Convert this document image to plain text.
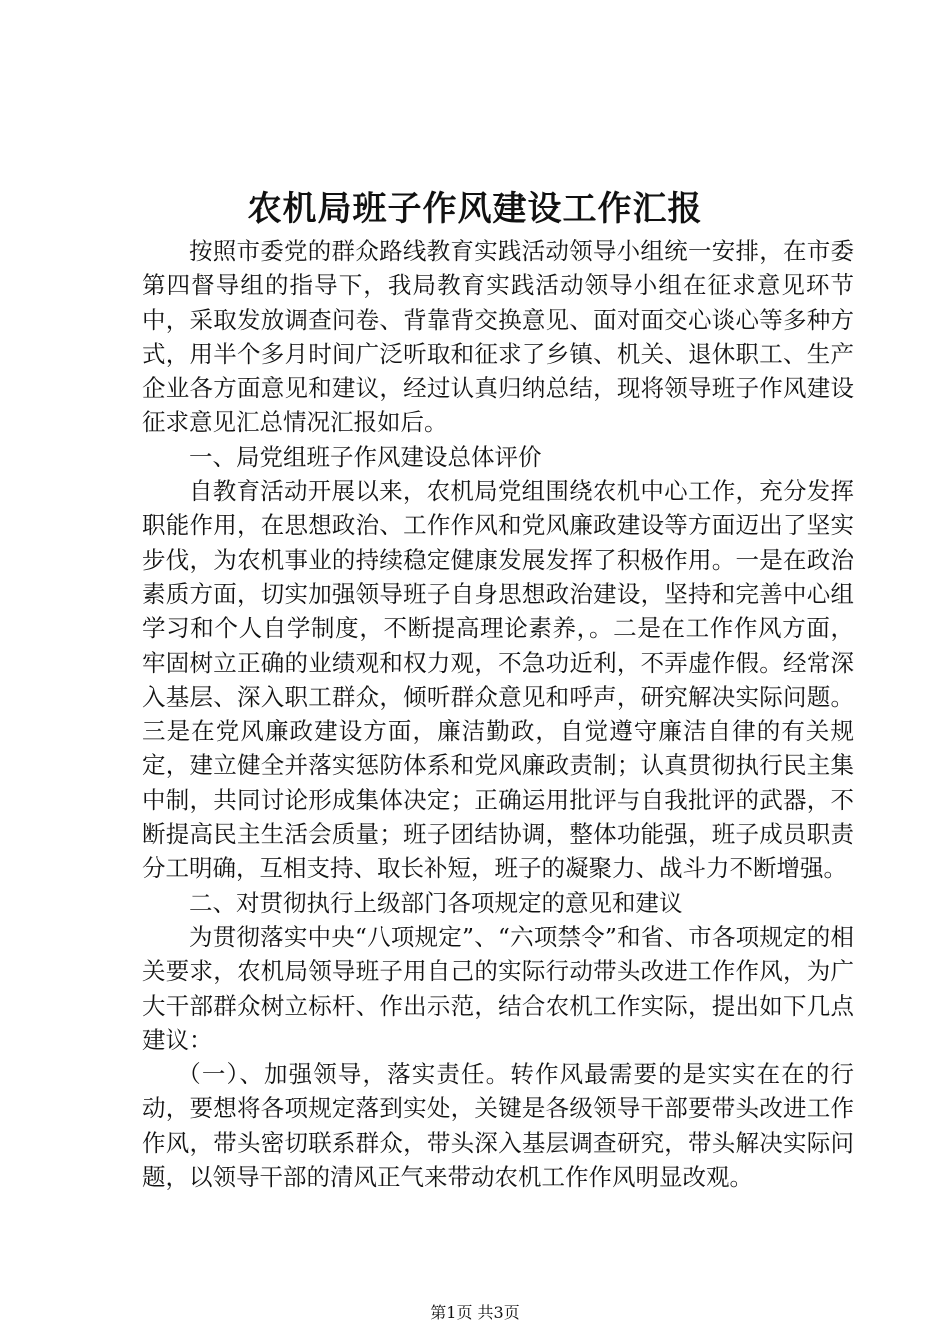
农机局班子作风建设工作汇报

按照市委党的群众路线教育实践活动领导小组统一安排，在市委第四督导组的指导下，我局教育实践活动领导小组在征求意见环节中，采取发放调查问卷、背靠背交换意见、面对面交心谈心等多种方式，用半个多月时间广泛听取和征求了乡镇、机关、退休职工、生产企业各方面意见和建议，经过认真归纳总结，现将领导班子作风建设征求意见汇总情况汇报如后。

一、局党组班子作风建设总体评价

自教育活动开展以来，农机局党组围绕农机中心工作，充分发挥职能作用，在思想政治、工作作风和党风廉政建设等方面迈出了坚实步伐，为农机事业的持续稳定健康发展发挥了积极作用。一是在政治素质方面，切实加强领导班子自身思想政治建设，坚持和完善中心组学习和个人自学制度，不断提高理论素养，。二是在工作作风方面，牢固树立正确的业绩观和权力观，不急功近利，不弄虚作假。经常深入基层、深入职工群众，倾听群众意见和呼声，研究解决实际问题。三是在党风廉政建设方面，廉洁勤政，自觉遵守廉洁自律的有关规定，建立健全并落实惩防体系和党风廉政责制；认真贯彻执行民主集中制，共同讨论形成集体决定；正确运用批评与自我批评的武器，不断提高民主生活会质量；班子团结协调，整体功能强，班子成员职责分工明确，互相支持、取长补短，班子的凝聚力、战斗力不断增强。

二、对贯彻执行上级部门各项规定的意见和建议

为贯彻落实中央“八项规定”、“六项禁令”和省、市各项规定的相关要求，农机局领导班子用自己的实际行动带头改进工作作风，为广大干部群众树立标杆、作出示范，结合农机工作实际，提出如下几点建议：

（一）、加强领导，落实责任。转作风最需要的是实实在在的行动，要想将各项规定落到实处，关键是各级领导干部要带头改进工作作风，带头密切联系群众，带头深入基层调查研究，带头解决实际问题，以领导干部的清风正气来带动农机工作作风明显改观。

第1页 共3页
